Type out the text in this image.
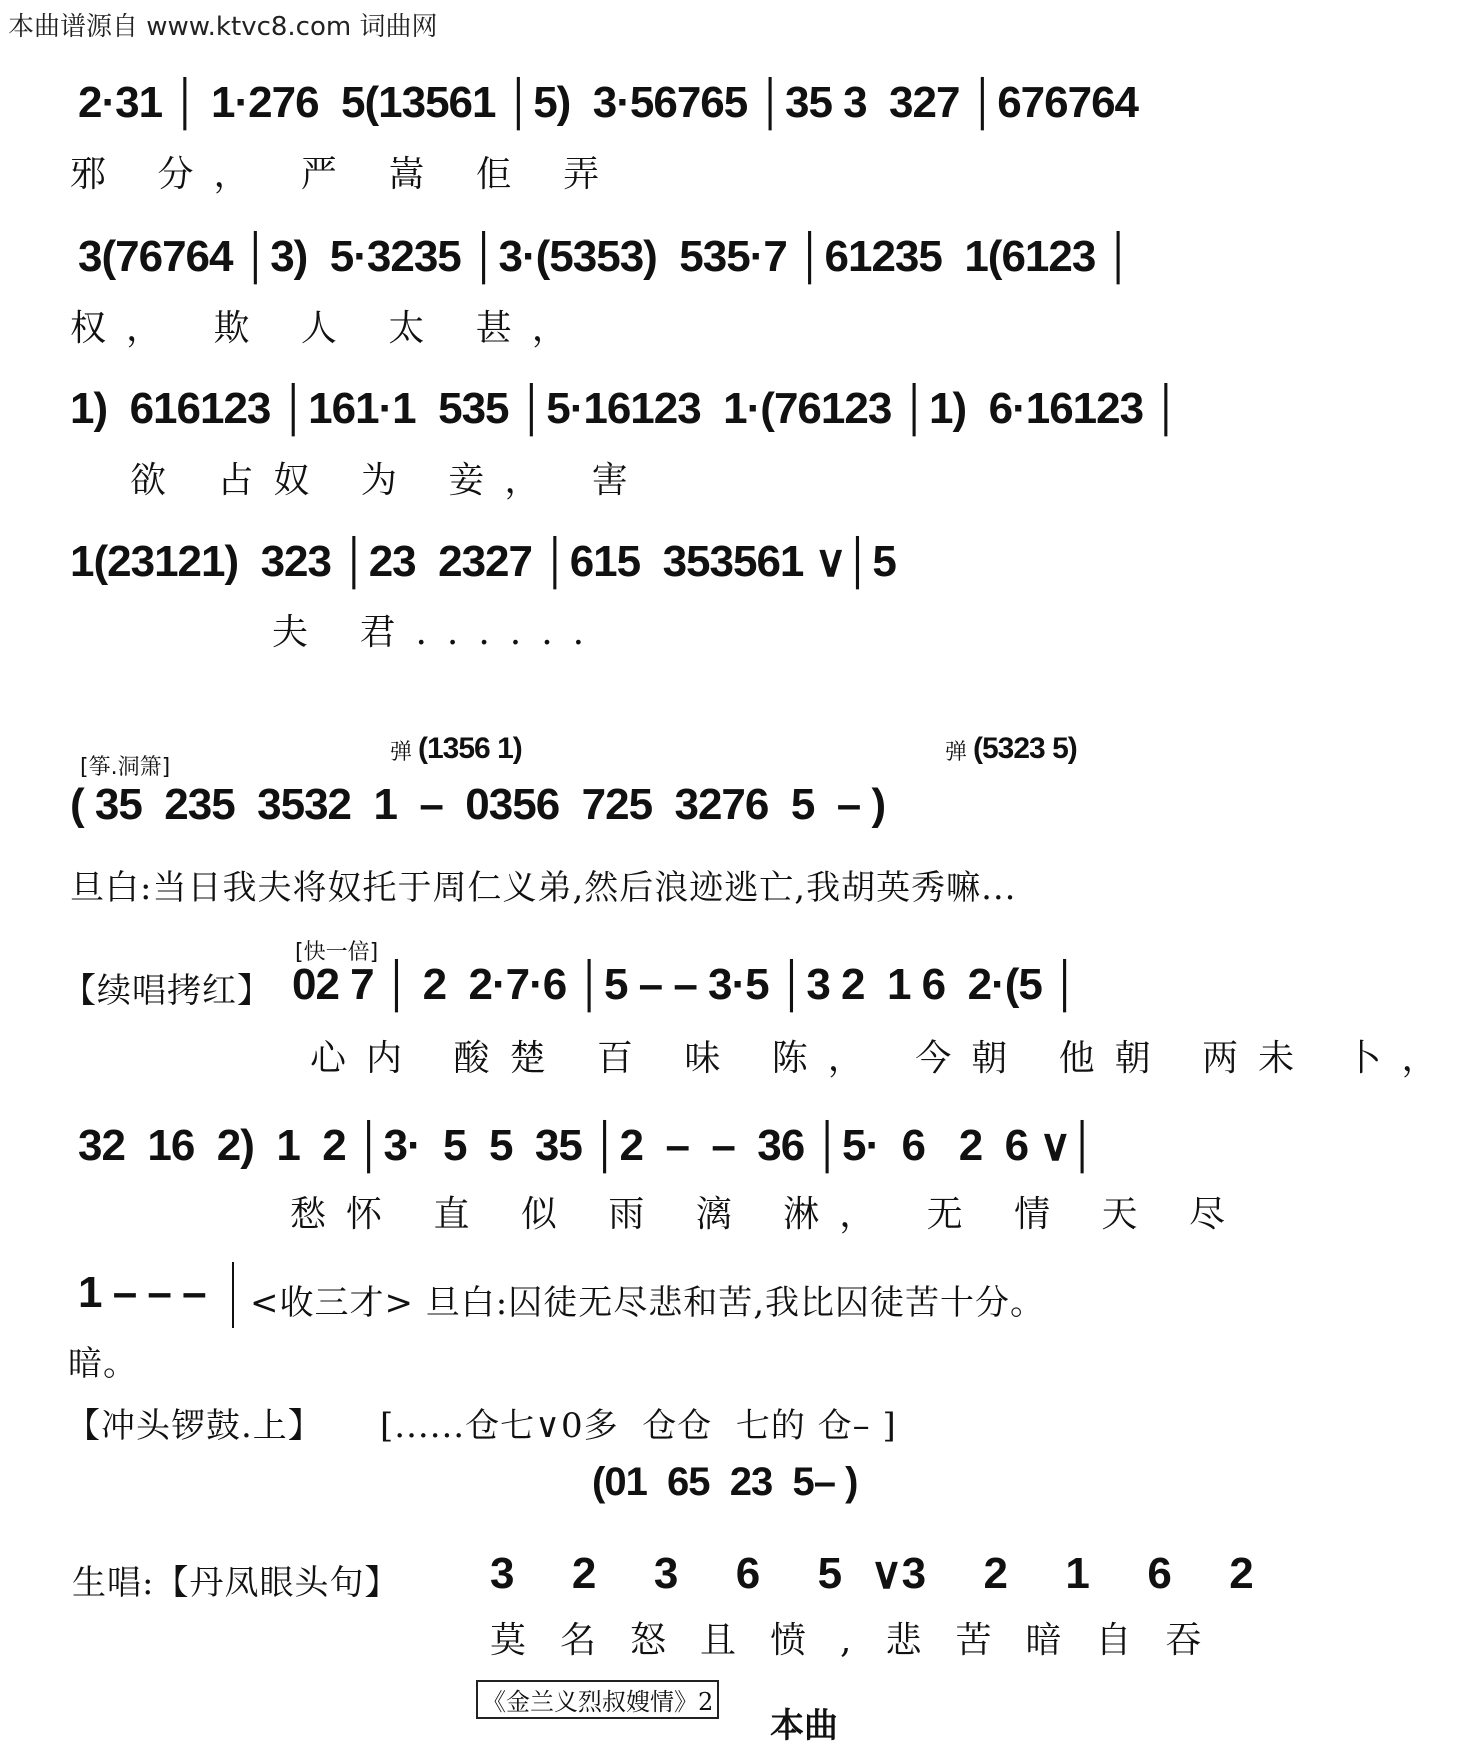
本曲谱源自 www.ktvc8.com 词曲网
2·31 │ 1·276  5(13561 │5)  3·56765 │35 3  327 │676764
邪 分， 严 嵩 佢 弄
3(76764 │3)  5·3235 │3·(5353)  535·7 │61235  1(6123 │
权， 欺 人 太 甚，
1)  616123 │161·1  535 │5·16123  1·(76123 │1)  6·16123 │
欲 占奴 为 妾， 害
1(23121)  323 │23  2327 │615  353561 ∨│5
夫 君......
[筝.洞箫]
弹 (1356 1)	弹 (5323 5)
( 35  235  3532  1  –  0356  725  3276  5  – )
旦白:当日我夫将奴托于周仁义弟,然后浪迹逃亡,我胡英秀嘛...
[快一倍]
【续唱拷红】 02 7 │ 2  2·7·6 │5 – – 3·5 │3 2  1 6  2·(5 │
心内 酸楚 百 味 陈， 今朝 他朝 两未 卜，
32  16  2)  1  2 │3·  5  5  35 │2  –  –  36 │5·  6   2  6 ∨│
愁怀 直 似 雨 漓 淋， 无 情 天 尽
1 – – – <收三才> 旦白:囚徒无尽悲和苦,我比囚徒苦十分。
暗。
【冲头锣鼓.上】 [......仓七∨0多  仓仓  七的 仓– ]
(01  65  23  5– )
生唱:【丹凤眼头句】 3  2  3  6  5 ∨3  2  1  6  2
莫名怒且愤,悲苦暗自吞
《金兰义烈叔嫂情》2
本曲
